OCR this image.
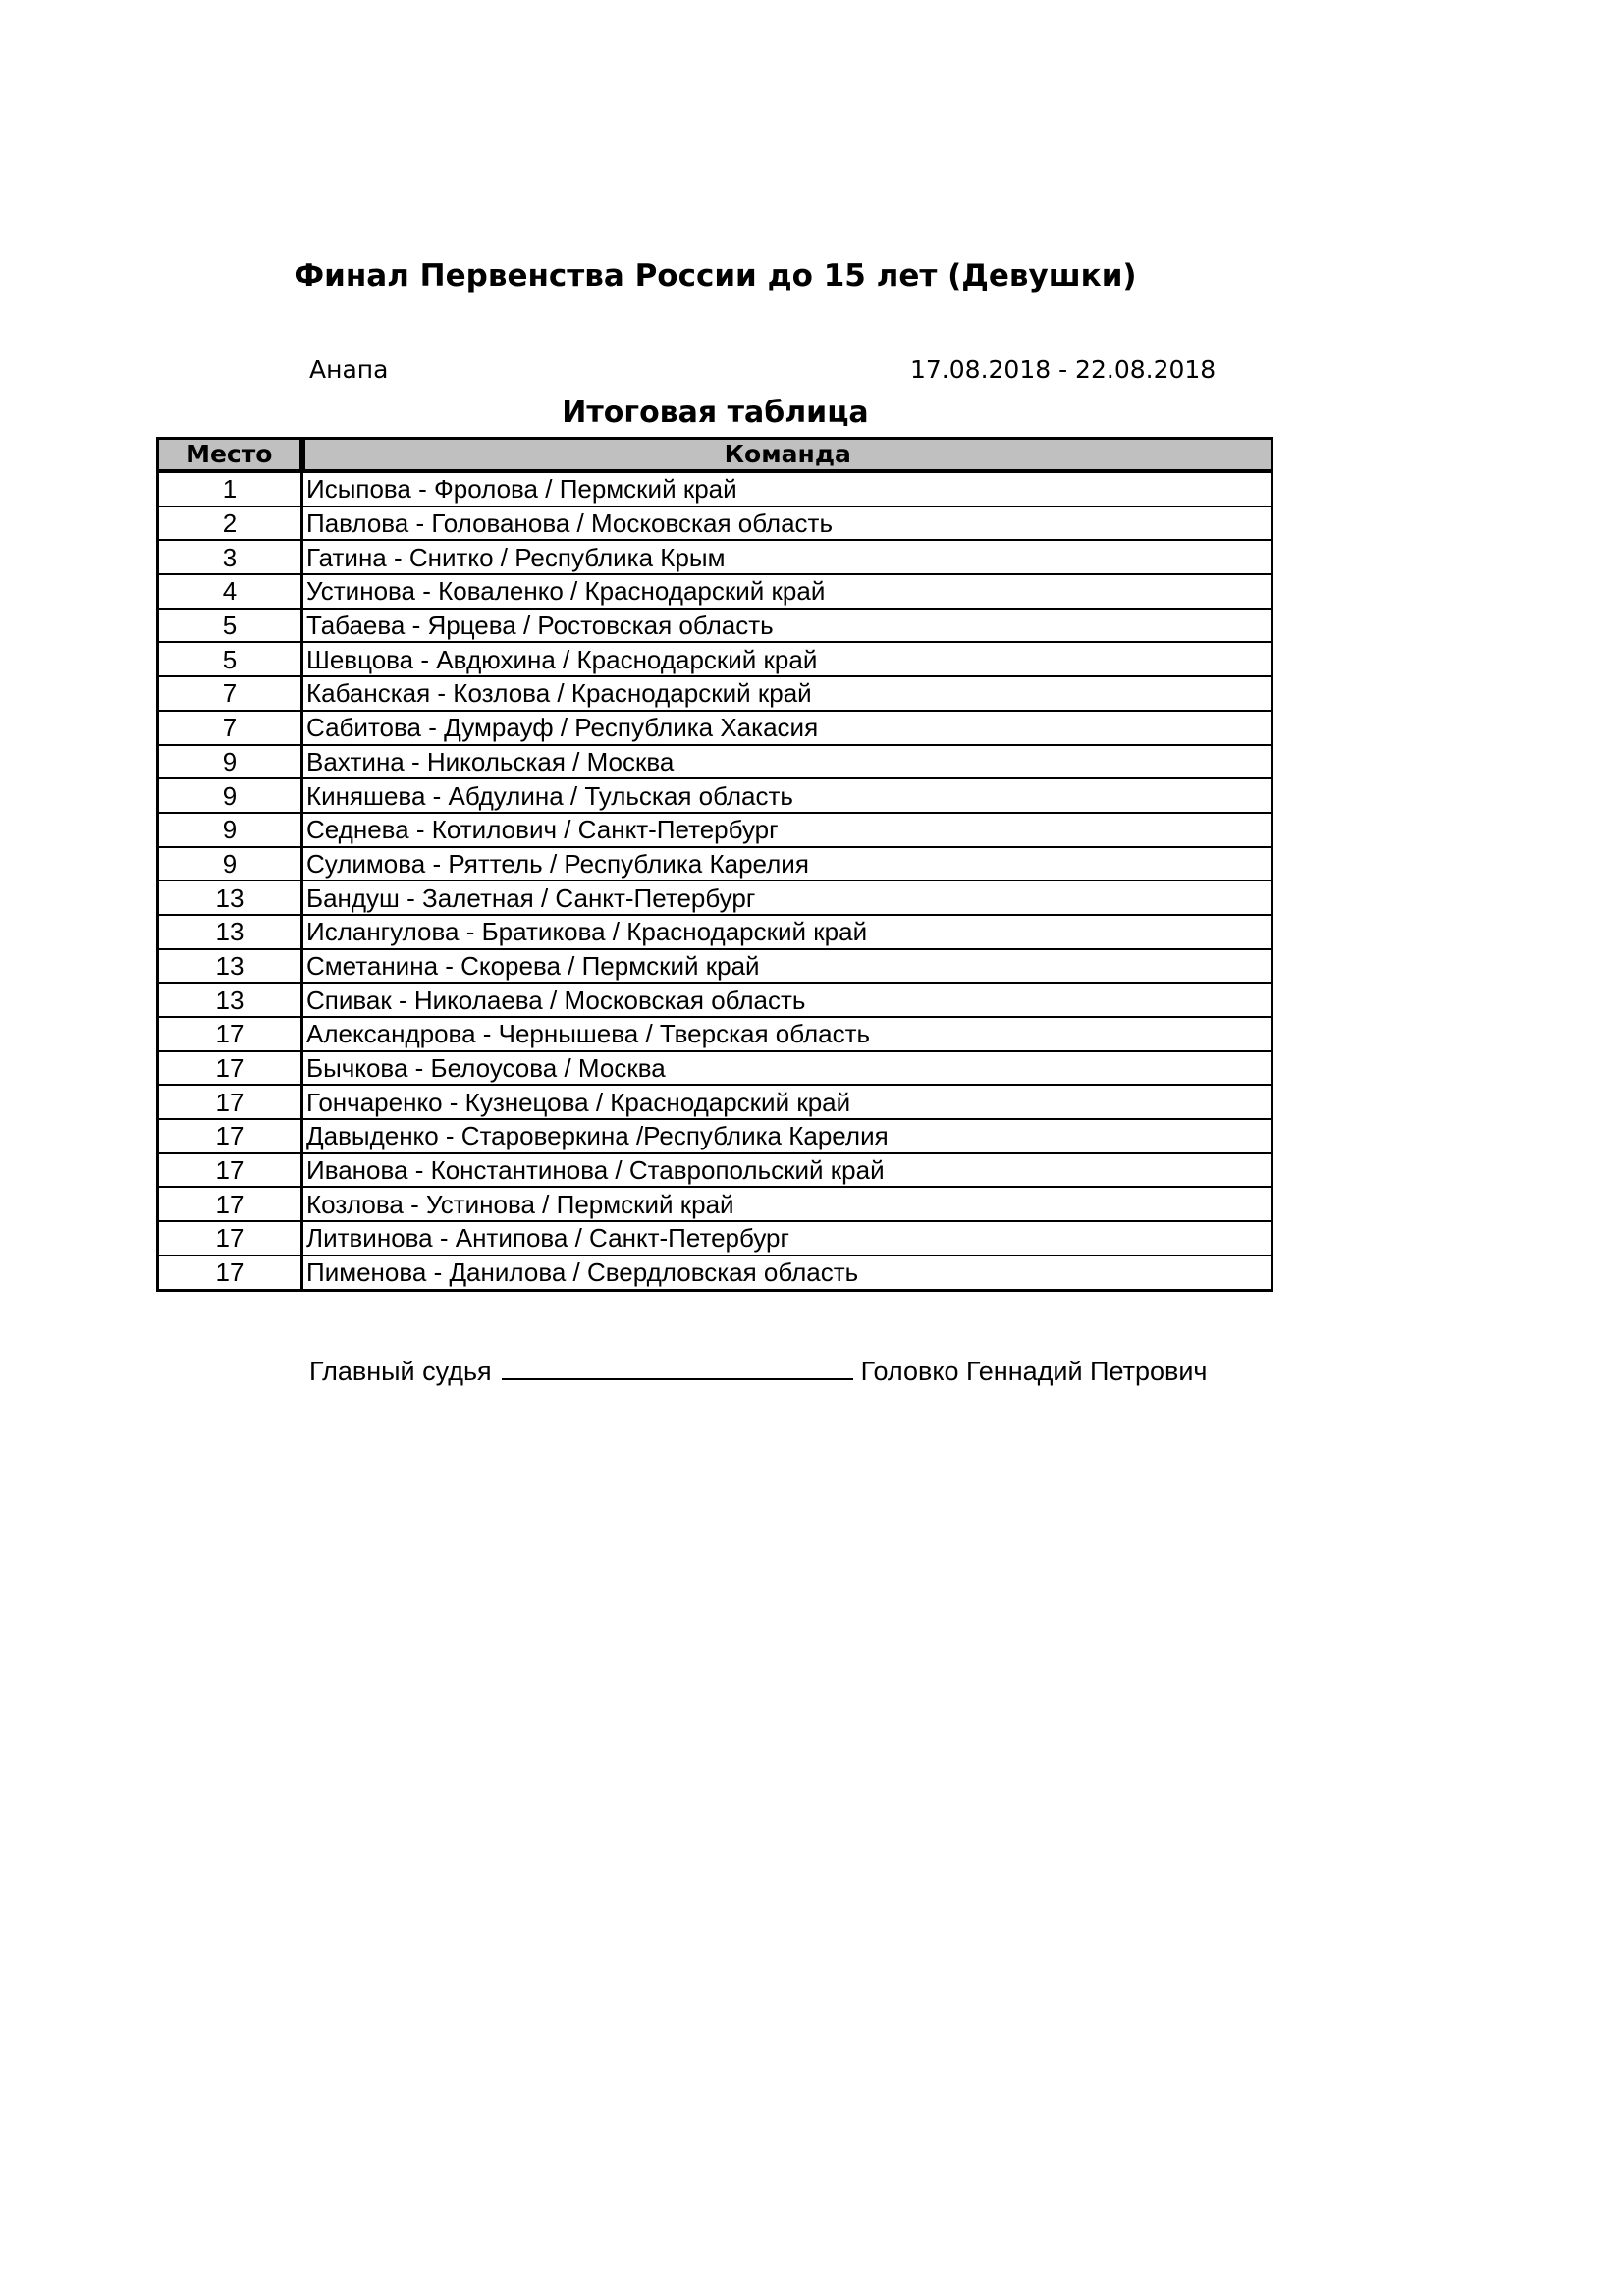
Финал Первенства России до 15 лет (Девушки)
Анапа	17.08.2018 - 22.08.2018
Итоговая таблица
Место	Команда
1	Исыпова - Фролова / Пермский край
2	Павлова - Голованова / Московская область
3	Гатина - Снитко / Республика Крым
4	Устинова - Коваленко / Краснодарский край
5	Табаева - Ярцева / Ростовская область
5	Шевцова - Авдюхина / Краснодарский край
7	Кабанская - Козлова / Краснодарский край
7	Сабитова - Думрауф / Республика Хакасия
9	Вахтина - Никольская / Москва
9	Киняшева - Абдулина / Тульская область
9	Седнева - Котилович / Санкт-Петербург
9	Сулимова - Ряттель / Республика Карелия
13	Бандуш - Залетная / Санкт-Петербург
13	Ислангулова - Братикова / Краснодарский край
13	Сметанина - Скорева / Пермский край
13	Спивак - Николаева / Московская область
17	Александрова - Чернышева / Тверская область
17	Бычкова - Белоусова / Москва
17	Гончаренко - Кузнецова / Краснодарский край
17	Давыденко - Староверкина /Республика Карелия
17	Иванова - Константинова / Ставропольский край
17	Козлова - Устинова / Пермский край
17	Литвинова - Антипова / Санкт-Петербург
17	Пименова - Данилова / Свердловская область
Главный судья	Головко Геннадий Петрович
